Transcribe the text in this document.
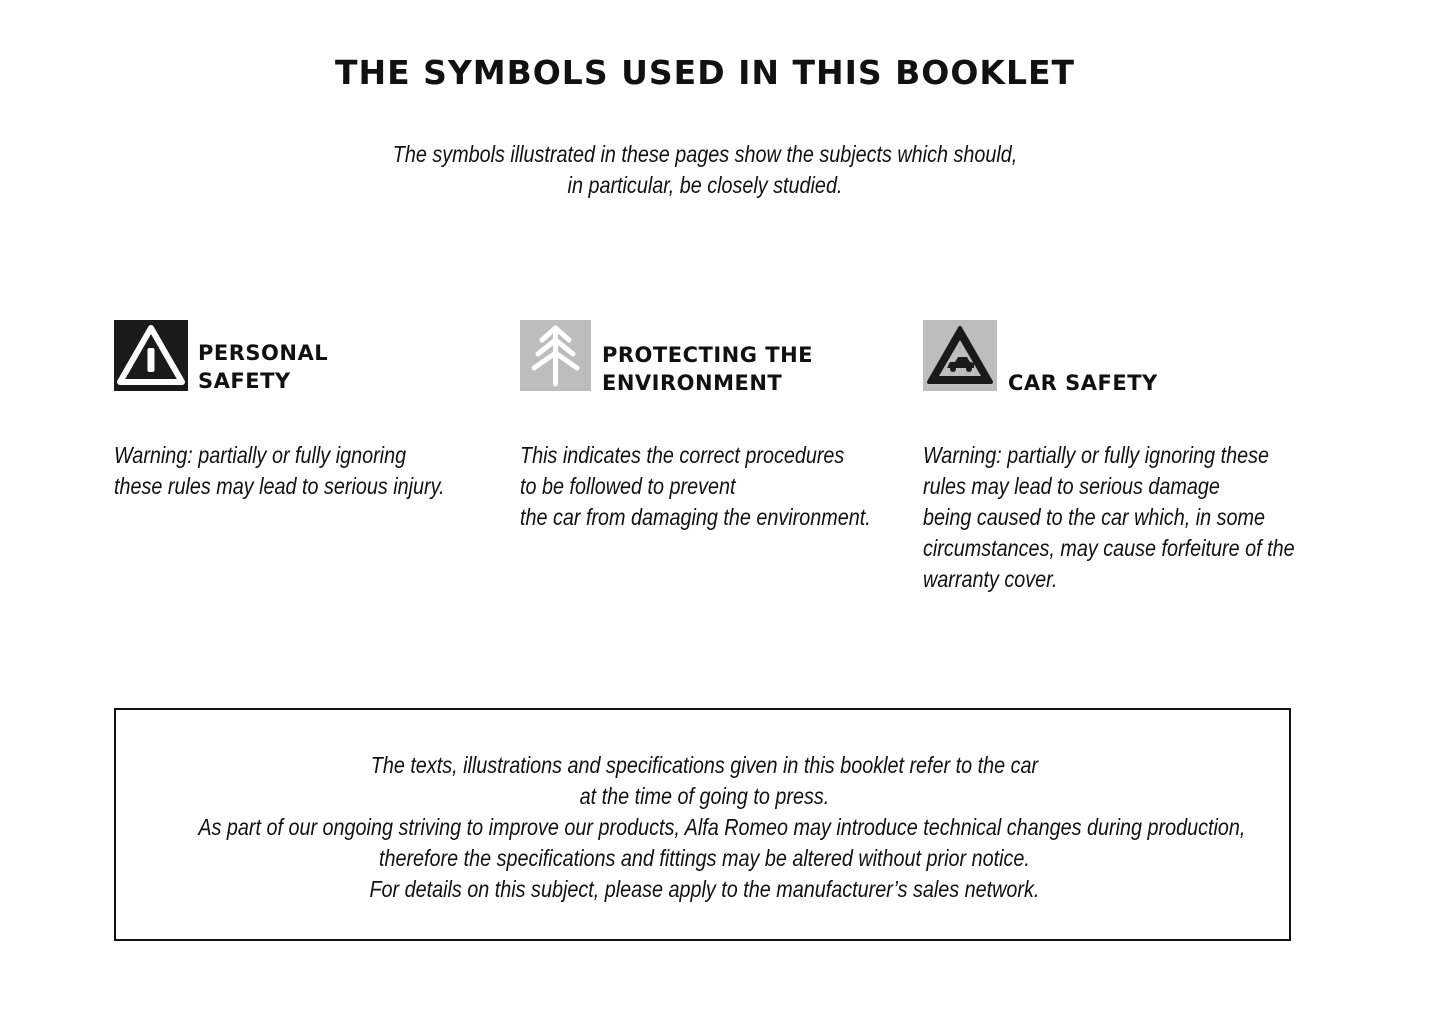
THE SYMBOLS USED IN THIS BOOKLET
The symbols illustrated in these pages show the subjects which should,
in particular, be closely studied.
PERSONAL
SAFETY
Warning: partially or fully ignoring
these rules may lead to serious injury.
PROTECTING THE
ENVIRONMENT
This indicates the correct procedures
to be followed to prevent
the car from damaging the environment.
CAR SAFETY
Warning: partially or fully ignoring these
rules may lead to serious damage
being caused to the car which, in some
circumstances, may cause forfeiture of the
warranty cover.
The texts, illustrations and specifications given in this booklet refer to the car
at the time of going to press.
As part of our ongoing striving to improve our products, Alfa Romeo may introduce technical changes during production,
therefore the specifications and fittings may be altered without prior notice.
For details on this subject, please apply to the manufacturer’s sales network.
